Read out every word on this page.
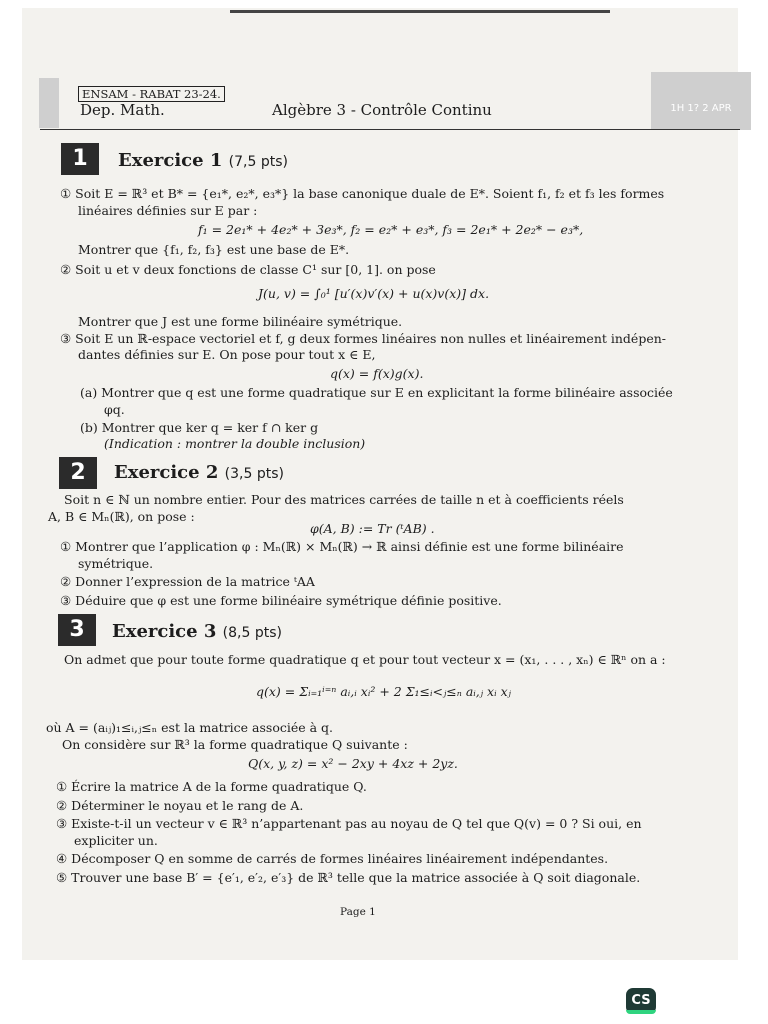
1H 1? 2 APR
ENSAM - RABAT 23-24.
Dep. Math.	Algèbre 3 - Contrôle Continu
1	Exercice 1 (7,5 pts)
① Soit E = ℝ³ et B* = {e₁*, e₂*, e₃*} la base canonique duale de E*. Soient f₁, f₂ et f₃ les formes
linéaires définies sur E par :
f₁ = 2e₁* + 4e₂* + 3e₃*, f₂ = e₂* + e₃*, f₃ = 2e₁* + 2e₂* − e₃*,
Montrer que {f₁, f₂, f₃} est une base de E*.
② Soit u et v deux fonctions de classe C¹ sur [0, 1]. on pose
J(u, v) = ∫₀¹ [u′(x)v′(x) + u(x)v(x)] dx.
Montrer que J est une forme bilinéaire symétrique.
③ Soit E un ℝ-espace vectoriel et f, g deux formes linéaires non nulles et linéairement indépen-
dantes définies sur E. On pose pour tout x ∈ E,
q(x) = f(x)g(x).
(a) Montrer que q est une forme quadratique sur E en explicitant la forme bilinéaire associée
φq.
(b) Montrer que ker q = ker f ∩ ker g
(Indication : montrer la double inclusion)
2	Exercice 2 (3,5 pts)
Soit n ∈ ℕ un nombre entier. Pour des matrices carrées de taille n et à coefficients réels
A, B ∈ Mₙ(ℝ), on pose :
φ(A, B) := Tr (ᵗAB) .
① Montrer que l’application φ : Mₙ(ℝ) × Mₙ(ℝ) → ℝ ainsi définie est une forme bilinéaire
symétrique.
② Donner l’expression de la matrice ᵗAA
③ Déduire que φ est une forme bilinéaire symétrique définie positive.
3	Exercice 3 (8,5 pts)
On admet que pour toute forme quadratique q et pour tout vecteur x = (x₁, . . . , xₙ) ∈ ℝⁿ on a :
q(x) = Σᵢ₌₁ⁱ⁼ⁿ aᵢ,ᵢ xᵢ² + 2 Σ₁≤ᵢ<ⱼ≤ₙ aᵢ,ⱼ xᵢ xⱼ
où A = (aᵢⱼ)₁≤ᵢ,ⱼ≤ₙ est la matrice associée à q.
On considère sur ℝ³ la forme quadratique Q suivante :
Q(x, y, z) = x² − 2xy + 4xz + 2yz.
① Écrire la matrice A de la forme quadratique Q.
② Déterminer le noyau et le rang de A.
③ Existe-t-il un vecteur v ∈ ℝ³ n’appartenant pas au noyau de Q tel que Q(v) = 0 ? Si oui, en
expliciter un.
④ Décomposer Q en somme de carrés de formes linéaires linéairement indépendantes.
⑤ Trouver une base B′ = {e′₁, e′₂, e′₃} de ℝ³ telle que la matrice associée à Q soit diagonale.
Page 1
CS
